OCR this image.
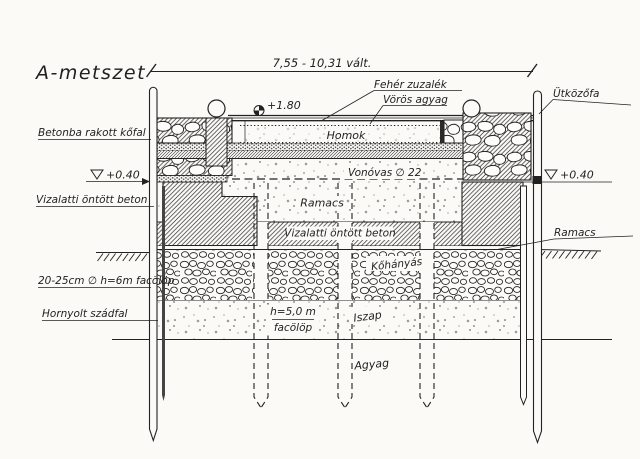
A-metszet	7,55 - 10,31 vált.
+0.40	+0.40
+1.80
Fehér zuzalék
Vörös agyag	Ütközőfa
Betonba rakott kőfal
Vizalatti öntött beton
20-25cm ∅ h=6m facölöp
Hornyolt szádfal
Ramacs
Homok
Vonóvas ∅ 22
Ramacs
Vizalatti öntött beton
Kőhányás
h=5,0 m
facölöp
Iszap
Agyag
